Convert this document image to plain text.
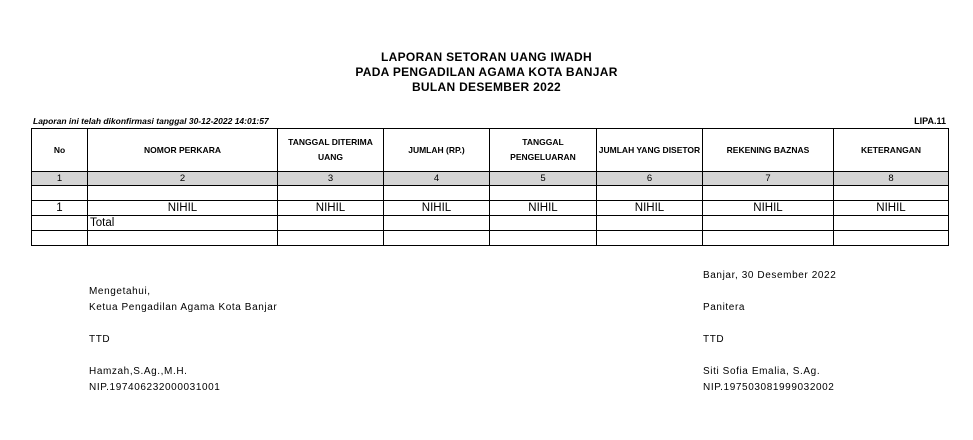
LAPORAN SETORAN UANG IWADH
PADA PENGADILAN AGAMA KOTA BANJAR
BULAN DESEMBER 2022
Laporan ini telah dikonfirmasi tanggal 30-12-2022 14:01:57	LIPA.11
No	NOMOR PERKARA	TANGGAL DITERIMA UANG	JUMLAH (RP.)	TANGGAL PENGELUARAN	JUMLAH YANG DISETOR	REKENING BAZNAS	KETERANGAN
1	2	3	4	5	6	7	8

1	NIHIL	NIHIL	NIHIL	NIHIL	NIHIL	NIHIL	NIHIL
	Total						

Mengetahui,
Ketua Pengadilan Agama Kota Banjar
TTD
Hamzah,S.Ag.,M.H.
NIP.197406232000031001
Banjar, 30 Desember 2022
Panitera
TTD
Siti Sofia Emalia, S.Ag.
NIP.197503081999032002
